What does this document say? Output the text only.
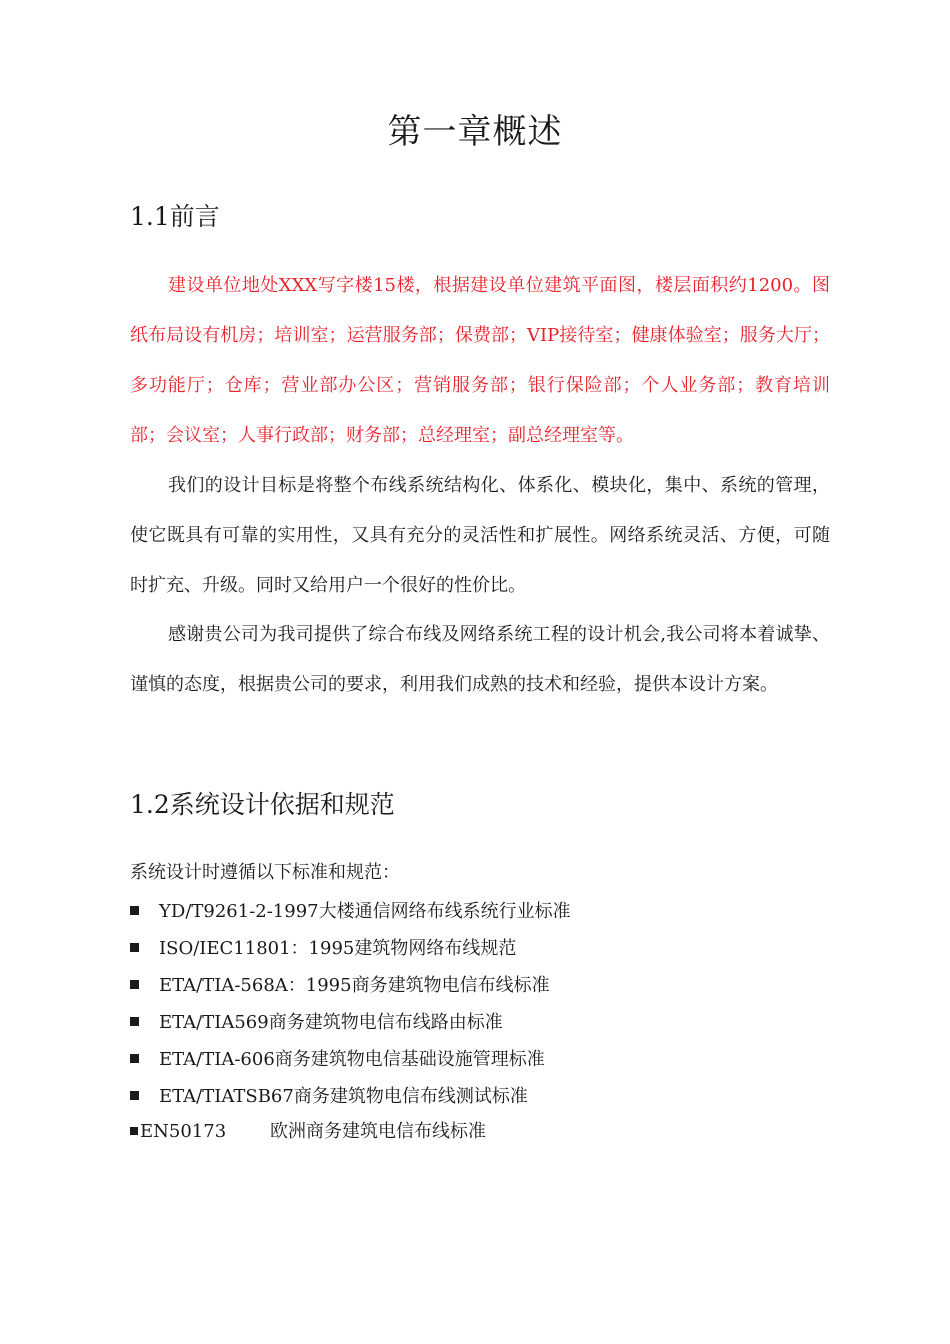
第一章概述
1.1前言
建设单位地处XXX写字楼15楼，根据建设单位建筑平面图，楼层面积约1200。图纸布局设有机房；培训室；运营服务部；保费部；VIP接待室；健康体验室；服务大厅；多功能厅；仓库；营业部办公区；营销服务部；银行保险部；个人业务部；教育培训部；会议室；人事行政部；财务部；总经理室；副总经理室等。
我们的设计目标是将整个布线系统结构化、体系化、模块化，集中、系统的管理，使它既具有可靠的实用性，又具有充分的灵活性和扩展性。网络系统灵活、方便，可随时扩充、升级。同时又给用户一个很好的性价比。
感谢贵公司为我司提供了综合布线及网络系统工程的设计机会,我公司将本着诚挚、谨慎的态度，根据贵公司的要求，利用我们成熟的技术和经验，提供本设计方案。
1.2系统设计依据和规范
系统设计时遵循以下标准和规范：
YD/T9261-2-1997大楼通信网络布线系统行业标准
ISO/IEC11801：1995建筑物网络布线规范
ETA/TIA-568A：1995商务建筑物电信布线标准
ETA/TIA569商务建筑物电信布线路由标准
ETA/TIA-606商务建筑物电信基础设施管理标准
ETA/TIATSB67商务建筑物电信布线测试标准
EN50173 欧洲商务建筑电信布线标准
